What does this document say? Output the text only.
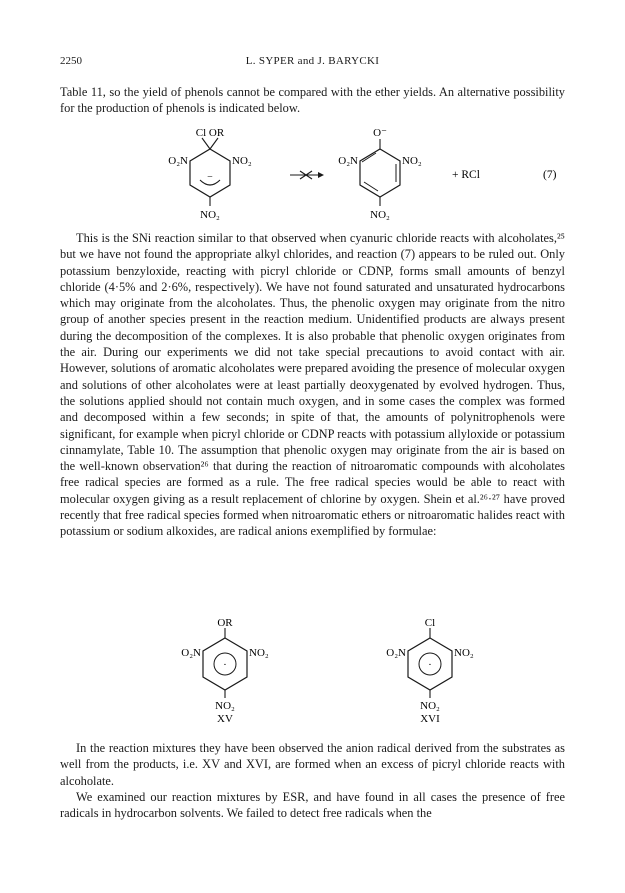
2250	L. SYPER and J. BARYCKI

Table 11, so the yield of phenols cannot be compared with the ether yields. An alternative possibility for the production of phenols is indicated below.

Cl OR
O₂N	NO₂
NO₂
−
O⁻
O₂N	NO₂
NO₂
+ RCl	(7)

This is the SNi reaction similar to that observed when cyanuric chloride reacts with alcoholates,²⁵ but we have not found the appropriate alkyl chlorides, and reaction (7) appears to be ruled out. Only potassium benzyloxide, reacting with picryl chloride or CDNP, forms small amounts of benzyl chloride (4·5% and 2·6%, respectively). We have not found saturated and unsaturated hydrocarbons which may originate from the alcoholates. Thus, the phenolic oxygen may originate from the nitro group of another species present in the reaction medium. Unidentified products are always present during the decomposition of the complexes. It is also probable that phenolic oxygen originates from the air. During our experiments we did not take special precautions to avoid contact with air. However, solutions of aromatic alcoholates were prepared avoiding the presence of molecular oxygen and solutions of other alcoholates were at least partially deoxygenated by evolved hydrogen. Thus, the solutions applied should not contain much oxygen, and in some cases the complex was formed and decomposed within a few seconds; in spite of that, the amounts of polynitrophenols were significant, for example when picryl chloride or CDNP reacts with potassium allyloxide or potassium cinnamylate, Table 10. The assumption that phenolic oxygen may originate from the air is based on the well-known observation²⁶ that during the reaction of nitroaromatic compounds with alcoholates free radical species are formed as a rule. The free radical species would be able to react with molecular oxygen giving as a result replacement of chlorine by oxygen. Shein et al.²⁶·²⁷ have proved recently that free radical species formed when nitroaromatic ethers or nitroaromatic halides react with potassium or sodium alkoxides, are radical anions exemplified by formulae:

OR
O₂N	NO₂
·
NO₂
XV
Cl
O₂N	NO₂
·
NO₂
XVI

In the reaction mixtures they have been observed the anion radical derived from the substrates as well from the products, i.e. XV and XVI, are formed when an excess of picryl chloride reacts with alcoholate.

We examined our reaction mixtures by ESR, and have found in all cases the presence of free radicals in hydrocarbon solvents. We failed to detect free radicals when the
